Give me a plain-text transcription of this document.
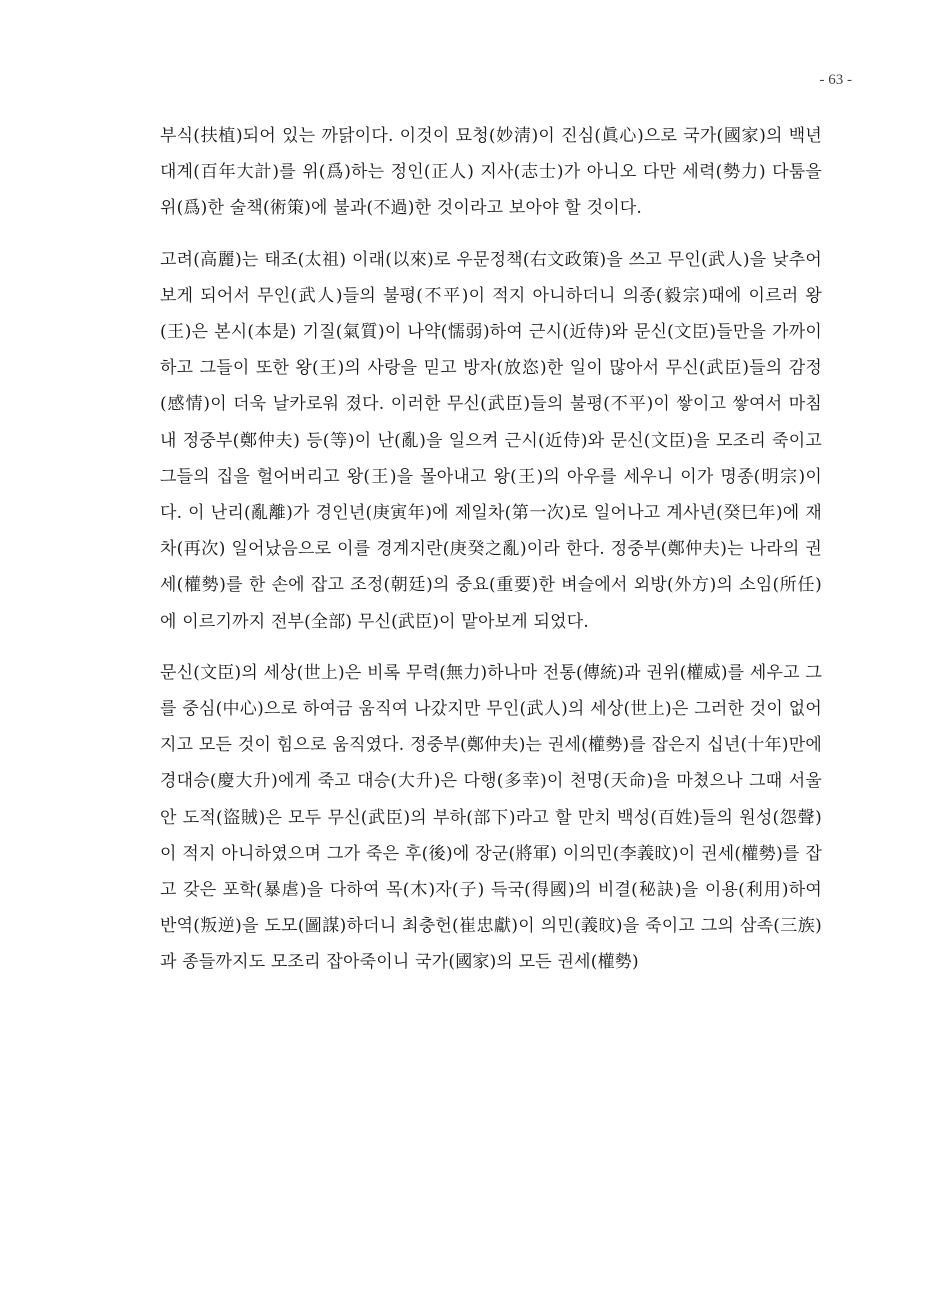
- 63 -

부식(扶植)되어 있는 까닭이다. 이것이 묘청(妙淸)이 진심(眞心)으로 국가(國家)의 백년대계(百年大計)를 위(爲)하는 정인(正人) 지사(志士)가 아니오 다만 세력(勢力) 다툼을 위(爲)한 술책(術策)에 불과(不過)한 것이라고 보아야 할 것이다.

고려(高麗)는 태조(太祖) 이래(以來)로 우문정책(右文政策)을 쓰고 무인(武人)을 낮추어보게 되어서 무인(武人)들의 불평(不平)이 적지 아니하더니 의종(毅宗)때에 이르러 왕(王)은 본시(本是) 기질(氣質)이 나약(懦弱)하여 근시(近侍)와 문신(文臣)들만을 가까이하고 그들이 또한 왕(王)의 사랑을 믿고 방자(放恣)한 일이 많아서 무신(武臣)들의 감정(感情)이 더욱 날카로워 졌다. 이러한 무신(武臣)들의 불평(不平)이 쌓이고 쌓여서 마침내 정중부(鄭仲夫) 등(等)이 난(亂)을 일으켜 근시(近侍)와 문신(文臣)을 모조리 죽이고 그들의 집을 헐어버리고 왕(王)을 몰아내고 왕(王)의 아우를 세우니 이가 명종(明宗)이다. 이 난리(亂離)가 경인년(庚寅年)에 제일차(第一次)로 일어나고 계사년(癸巳年)에 재차(再次) 일어났음으로 이를 경계지란(庚癸之亂)이라 한다. 정중부(鄭仲夫)는 나라의 권세(權勢)를 한 손에 잡고 조정(朝廷)의 중요(重要)한 벼슬에서 외방(外方)의 소임(所任)에 이르기까지 전부(全部) 무신(武臣)이 맡아보게 되었다.

문신(文臣)의 세상(世上)은 비록 무력(無力)하나마 전통(傳統)과 권위(權威)를 세우고 그를 중심(中心)으로 하여금 움직여 나갔지만 무인(武人)의 세상(世上)은 그러한 것이 없어지고 모든 것이 힘으로 움직였다. 정중부(鄭仲夫)는 권세(權勢)를 잡은지 십년(十年)만에 경대승(慶大升)에게 죽고 대승(大升)은 다행(多幸)이 천명(天命)을 마쳤으나 그때 서울 안 도적(盜賊)은 모두 무신(武臣)의 부하(部下)라고 할 만치 백성(百姓)들의 원성(怨聲)이 적지 아니하였으며 그가 죽은 후(後)에 장군(將軍) 이의민(李義旼)이 권세(權勢)를 잡고 갖은 포학(暴虐)을 다하여 목(木)자(子) 득국(得國)의 비결(秘訣)을 이용(利用)하여 반역(叛逆)을 도모(圖謀)하더니 최충헌(崔忠獻)이 의민(義旼)을 죽이고 그의 삼족(三族)과 종들까지도 모조리 잡아죽이니 국가(國家)의 모든 권세(權勢)
